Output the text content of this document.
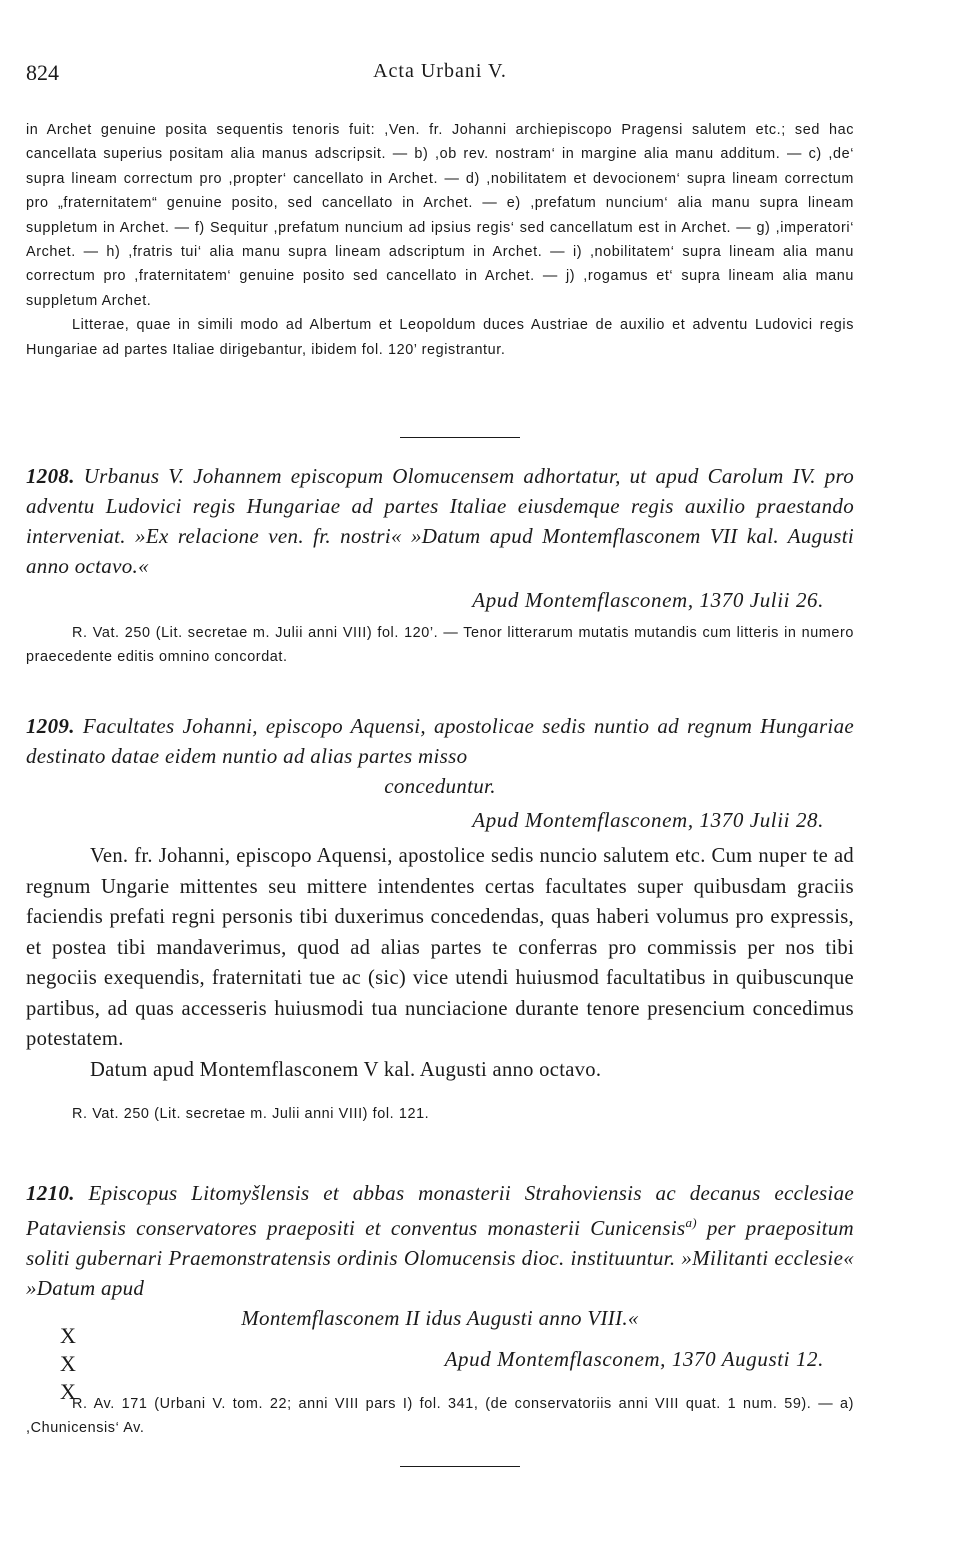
824	Acta Urbani V.

in Archet genuine posita sequentis tenoris fuit: ,Ven. fr. Johanni archiepiscopo Pragensi salutem etc.; sed hac cancellata superius positam alia manus adscripsit. — b) ,ob rev. nostram‘ in margine alia manu additum. — c) ,de‘ supra lineam correctum pro ,propter‘ cancellato in Archet. — d) ,nobilitatem et devocionem‘ supra lineam correctum pro „fraternitatem“ genuine posito, sed cancellato in Archet. — e) ,prefatum nuncium‘ alia manu supra lineam suppletum in Archet. — f) Sequitur ,prefatum nuncium ad ipsius regis‘ sed cancellatum est in Archet. — g) ,imperatori‘ Archet. — h) ,fratris tui‘ alia manu supra lineam adscriptum in Archet. — i) ,nobilitatem‘ supra lineam alia manu correctum pro ,fraternitatem‘ genuine posito sed cancellato in Archet. — j) ,rogamus et‘ supra lineam alia manu suppletum Archet.

Litterae, quae in simili modo ad Albertum et Leopoldum duces Austriae de auxilio et adventu Ludovici regis Hungariae ad partes Italiae dirigebantur, ibidem fol. 120’ registrantur.

1208. Urbanus V. Johannem episcopum Olomucensem adhortatur, ut apud Carolum IV. pro adventu Ludovici regis Hungariae ad partes Italiae eiusdemque regis auxilio praestando interveniat. »Ex relacione ven. fr. nostri« »Datum apud Montemflasconem VII kal. Augusti anno octavo.«
Apud Montemflasconem, 1370 Julii 26.
R. Vat. 250 (Lit. secretae m. Julii anni VIII) fol. 120’. — Tenor litterarum mutatis mutandis cum litteris in numero praecedente editis omnino concordat.
1209. Facultates Johanni, episcopo Aquensi, apostolicae sedis nuntio ad regnum Hungariae destinato datae eidem nuntio ad alias partes misso
conceduntur.
Apud Montemflasconem, 1370 Julii 28.

Ven. fr. Johanni, episcopo Aquensi, apostolice sedis nuncio salutem etc. Cum nuper te ad regnum Ungarie mittentes seu mittere intendentes certas facultates super quibusdam graciis faciendis prefati regni personis tibi duxerimus concedendas, quas haberi volumus pro expressis, et postea tibi mandaverimus, quod ad alias partes te conferras pro commissis per nos tibi negociis exequendis, fraternitati tue ac (sic) vice utendi huiusmod facultatibus in quibuscunque partibus, ad quas accesseris huiusmodi tua nunciacione durante tenore presencium concedimus potestatem.

Datum apud Montemflasconem V kal. Augusti anno octavo.

R. Vat. 250 (Lit. secretae m. Julii anni VIII) fol. 121.
1210. Episcopus Litomyšlensis et abbas monasterii Strahoviensis ac decanus ecclesiae Pataviensis conservatores praepositi et conventus monasterii Cunicensis$^{a)}$ per praepositum soliti gubernari Praemonstratensis ordinis Olomucensis dioc. instituuntur. »Militanti ecclesie« »Datum apud
Montemflasconem II idus Augusti anno VIII.«
X
X
X
Apud Montemflasconem, 1370 Augusti 12.
R. Av. 171 (Urbani V. tom. 22; anni VIII pars I) fol. 341, (de conservatoriis anni VIII quat. 1 num. 59). — a) ,Chunicensis‘ Av.
